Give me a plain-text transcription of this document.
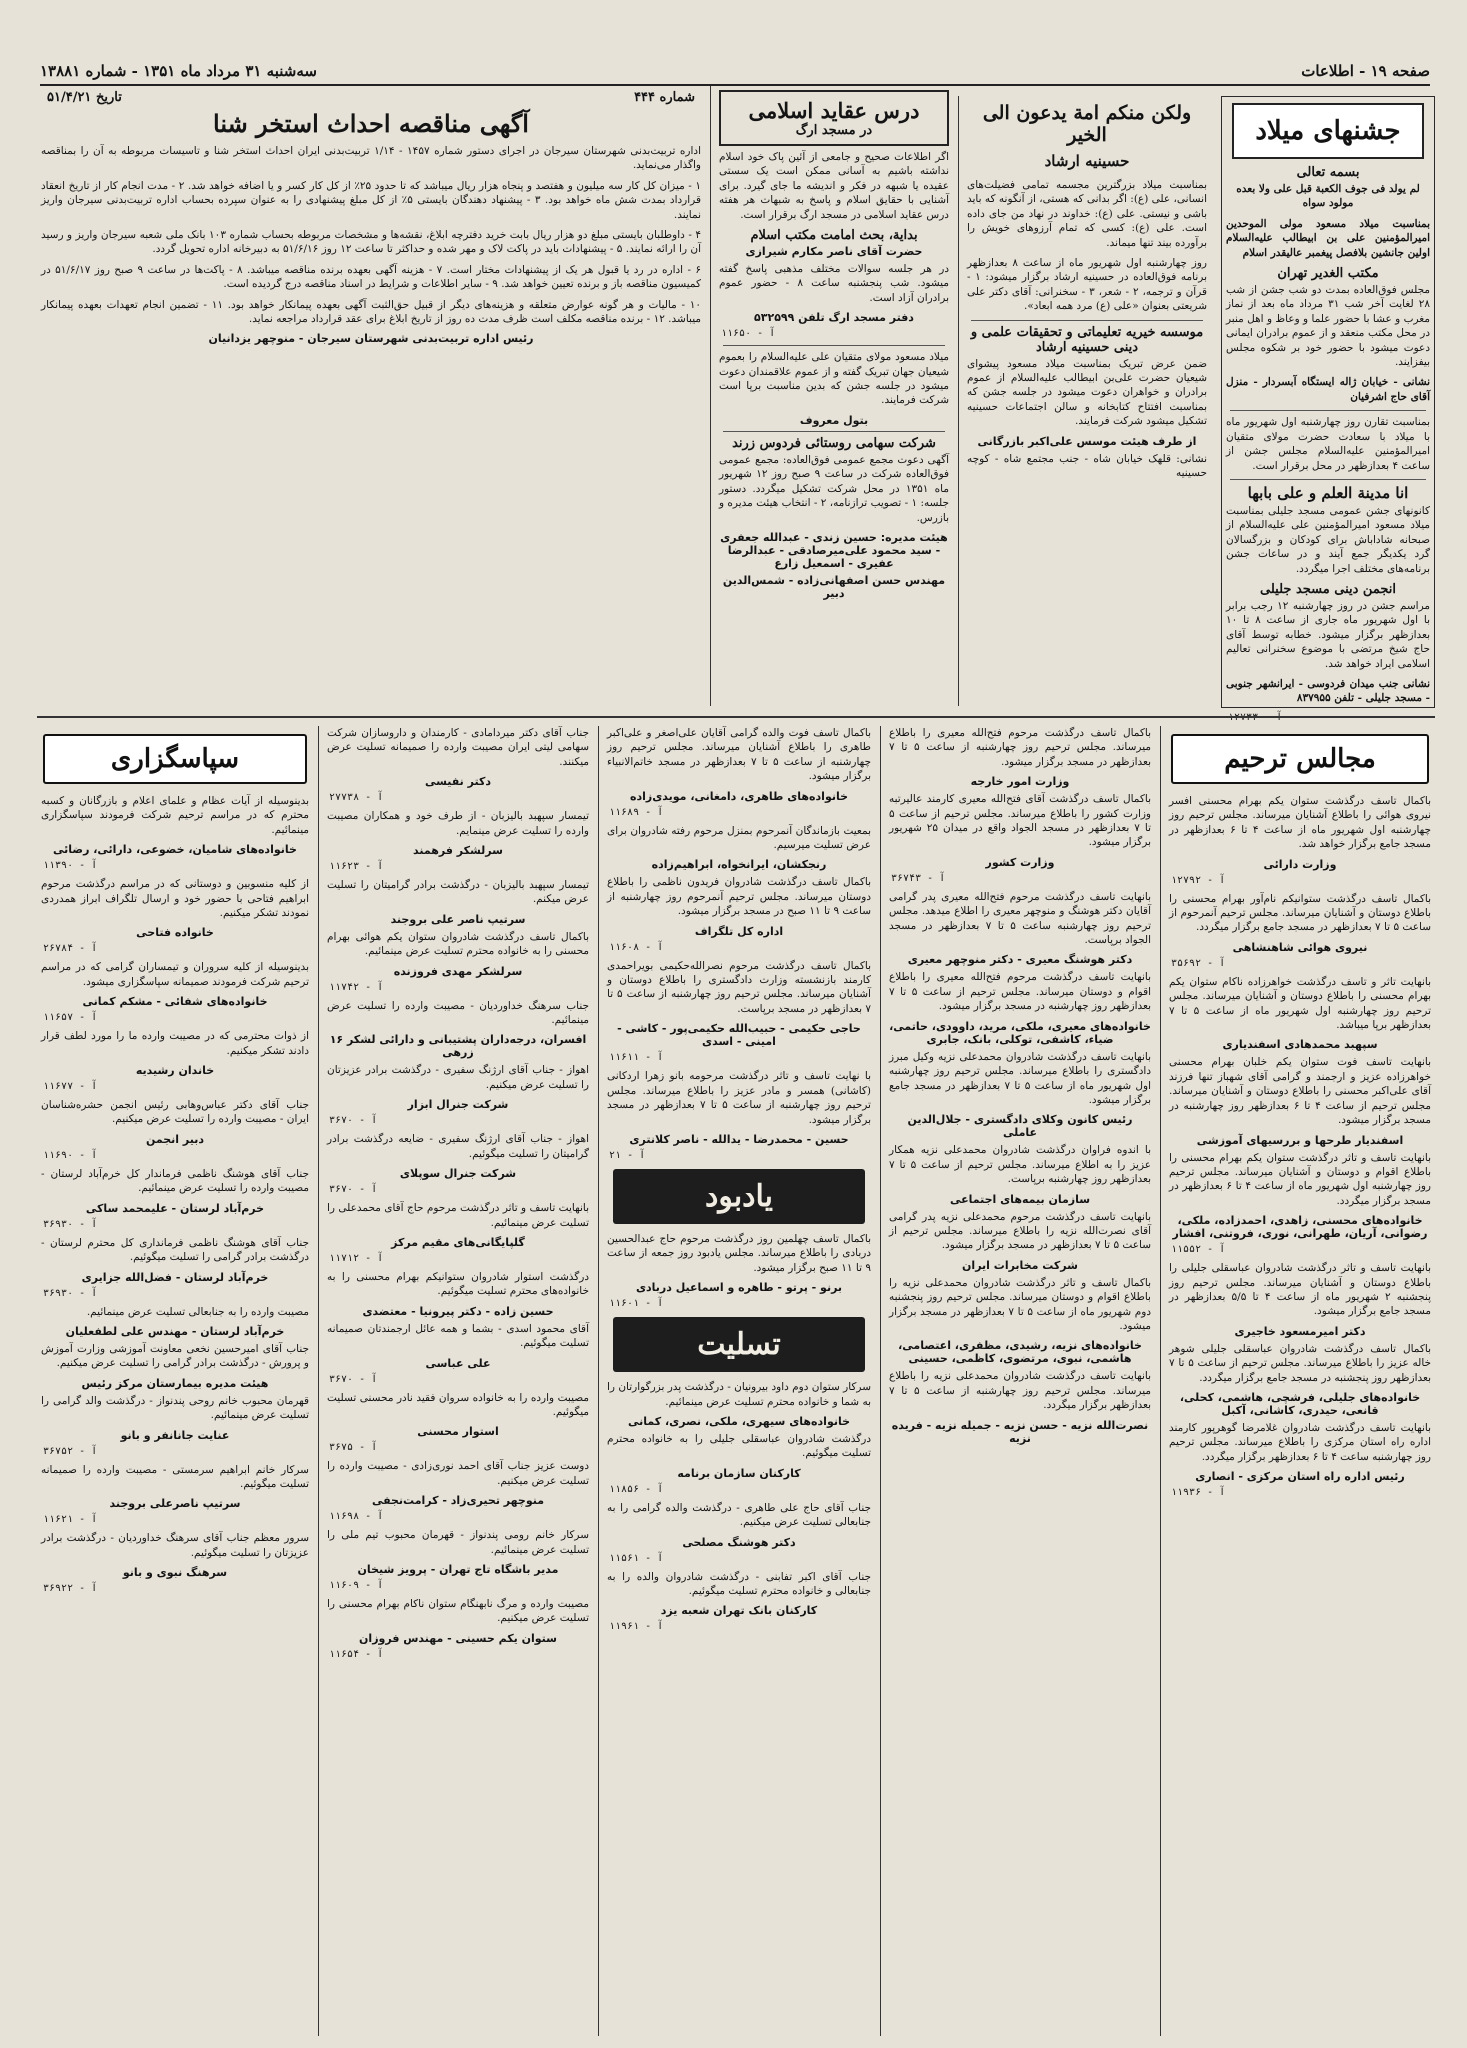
صفحه ۱۹ - اطلاعات
سه‌شنبه ۳۱ مرداد ماه ۱۳۵۱ - شماره ۱۳۸۸۱
جشنهای میلاد
بسمه تعالی

لم یولد فی جوف الکعبة قبل علی ولا بعده مولود سواه

بمناسبت میلاد مسعود مولی الموحدین امیرالمؤمنین علی بن ابیطالب علیه‌السلام اولین جانشین بلافصل پیغمبر عالیقدر اسلام

مکتب الغدیر تهران

مجلس فوق‌العاده بمدت دو شب جشن از شب ۲۸ لغایت آخر شب ۳۱ مرداد ماه بعد از نماز مغرب و عشا با حضور علما و وعاظ و اهل منبر در محل مکتب منعقد و از عموم برادران ایمانی دعوت میشود با حضور خود بر شکوه مجلس بیفزایند.

نشانی - خیابان ژاله ایستگاه آبسردار - منزل آقای حاج اشرفیان

بمناسبت تقارن روز چهارشنبه اول شهریور ماه با میلاد با سعادت حضرت مولای متقیان امیرالمؤمنین علیه‌السلام مجلس جشن از ساعت ۴ بعدازظهر در محل برقرار است.

انا مدینة العلم و علی بابها

کانونهای جشن عمومی مسجد جلیلی بمناسبت میلاد مسعود امیرالمؤمنین علی علیه‌السلام از صبحانه شاداباش برای کودکان و بزرگسالان گرد یکدیگر جمع آیند و در ساعات جشن برنامه‌های مختلف اجرا میگردد.

انجمن دینی مسجد جلیلی

مراسم جشن در روز چهارشنبه ۱۲ رجب برابر با اول شهریور ماه جاری از ساعت ۸ تا ۱۰ بعدازظهر برگزار میشود. خطابه توسط آقای حاج شیخ مرتضی با موضوع سخنرانی تعالیم اسلامی ایراد خواهد شد.

نشانی جنب میدان فردوسی - ایرانشهر جنوبی - مسجد جلیلی - تلفن ۸۳۷۹۵۵

ولکن منکم امة یدعون الی الخیر
حسینیه ارشاد

بمناسبت میلاد بزرگترین مجسمه تمامی فضیلت‌های انسانی، علی (ع): اگر بدانی که هستی، از آنگونه که باید باشی و نیستی. علی (ع): خداوند در نهاد من جای داده است. علی (ع): کسی که تمام آرزوهای خویش را برآورده بیند تنها میماند.

روز چهارشنبه اول شهریور ماه از ساعت ۸ بعدازظهر برنامه فوق‌العاده در حسینیه ارشاد برگزار میشود: ۱ - قرآن و ترجمه، ۲ - شعر، ۳ - سخنرانی: آقای دکتر علی شریعتی بعنوان «علی (ع) مرد همه ابعاد».

موسسه خیریه تعلیماتی و تحقیقات علمی و دینی حسینیه ارشاد

ضمن عرض تبریک بمناسبت میلاد مسعود پیشوای شیعیان حضرت علی‌بن ابیطالب علیه‌السلام از عموم برادران و خواهران دعوت میشود در جلسه جشن که بمناسبت افتتاح کتابخانه و سالن اجتماعات حسینیه تشکیل میشود شرکت فرمایند.

از طرف هیئت موسس علی‌اکبر بازرگانی

نشانی: قلهک خیابان شاه - جنب مجتمع شاه - کوچه حسینیه

درس عقاید اسلامی
در مسجد ارگ

اگر اطلاعات صحیح و جامعی از آئین پاک خود اسلام نداشته باشیم به آسانی ممکن است یک سستی عقیده یا شبهه در فکر و اندیشه ما جای گیرد. برای آشنایی با حقایق اسلام و پاسخ به شبهات هر هفته درس عقاید اسلامی در مسجد ارگ برقرار است.

بدایة، بحث امامت مکتب اسلام
حضرت آقای ناصر مکارم شیرازی

در هر جلسه سوالات مختلف مذهبی پاسخ گفته میشود. شب پنجشنبه ساعت ۸ - حضور عموم برادران آزاد است.

دفتر مسجد ارگ تلفن ۵۳۲۵۹۹
آ - ۱۱۶۵۰

میلاد مسعود مولای متقیان علی علیه‌السلام را بعموم شیعیان جهان تبریک گفته و از عموم علاقمندان دعوت میشود در جلسه جشن که بدین مناسبت برپا است شرکت فرمایند.

بتول معروف
شرکت سهامی روستائی فردوس زرند

آگهی دعوت مجمع عمومی فوق‌العاده: مجمع عمومی فوق‌العاده شرکت در ساعت ۹ صبح روز ۱۲ شهریور ماه ۱۳۵۱ در محل شرکت تشکیل میگردد. دستور جلسه: ۱ - تصویب ترازنامه، ۲ - انتخاب هیئت مدیره و بازرس.

هیئت مدیره: حسین زندی - عبدالله جعفری - سید محمود علی‌میرصادقی - عبدالرضا عفیری - اسمعیل زارع
مهندس حسن اصفهانی‌زاده - شمس‌الدین دبیر
شماره ۴۴۴
تاریخ ۵۱/۴/۲۱
آگهی مناقصه احداث استخر شنا

اداره تربیت‌بدنی شهرستان سیرجان در اجرای دستور شماره ۱۴۵۷ - ۱/۱۴ تربیت‌بدنی ایران احداث استخر شنا و تاسیسات مربوطه به آن را بمناقصه واگذار می‌نماید.

۱ - میزان کل کار سه میلیون و هفتصد و پنجاه هزار ریال میباشد که تا حدود ۲۵٪ از کل کار کسر و یا اضافه خواهد شد. ۲ - مدت انجام کار از تاریخ انعقاد قرارداد بمدت شش ماه خواهد بود. ۳ - پیشنهاد دهندگان بایستی ۵٪ از کل مبلغ پیشنهادی را به عنوان سپرده بحساب اداره تربیت‌بدنی سیرجان واریز نمایند.

۴ - داوطلبان بایستی مبلغ دو هزار ریال بابت خرید دفترچه ابلاغ، نقشه‌ها و مشخصات مربوطه بحساب شماره ۱۰۳ بانک ملی شعبه سیرجان واریز و رسید آن را ارائه نمایند. ۵ - پیشنهادات باید در پاکت لاک و مهر شده و حداکثر تا ساعت ۱۲ روز ۵۱/۶/۱۶ به دبیرخانه اداره تحویل گردد.

۶ - اداره در رد یا قبول هر یک از پیشنهادات مختار است. ۷ - هزینه آگهی بعهده برنده مناقصه میباشد. ۸ - پاکت‌ها در ساعت ۹ صبح روز ۵۱/۶/۱۷ در کمیسیون مناقصه باز و برنده تعیین خواهد شد. ۹ - سایر اطلاعات و شرایط در اسناد مناقصه درج گردیده است.

۱۰ - مالیات و هر گونه عوارض متعلقه و هزینه‌های دیگر از قبیل حق‌الثبت آگهی بعهده پیمانکار خواهد بود. ۱۱ - تضمین انجام تعهدات بعهده پیمانکار میباشد. ۱۲ - برنده مناقصه مکلف است ظرف مدت ده روز از تاریخ ابلاغ برای عقد قرارداد مراجعه نماید.

رئیس اداره تربیت‌بدنی شهرستان سیرجان - منوچهر یزدانیان
مجالس ترحیم

باکمال تاسف درگذشت ستوان یکم بهرام محسنی افسر نیروی هوائی را باطلاع آشنایان میرساند. مجلس ترحیم روز چهارشنبه اول شهریور ماه از ساعت ۴ تا ۶ بعدازظهر در مسجد جامع برگزار خواهد شد.

وزارت دارائی
آ - ۱۲۷۹۲

باکمال تاسف درگذشت ستوانیکم نام‌آور بهرام محسنی را باطلاع دوستان و آشنایان میرساند. مجلس ترحیم آنمرحوم از ساعت ۵ تا ۷ بعدازظهر در مسجد جامع برگزار میگردد.

نیروی هوائی شاهنشاهی
آ - ۳۵۶۹۲

بانهایت تاثر و تاسف درگذشت خواهرزاده ناکام ستوان یکم بهرام محسنی را باطلاع دوستان و آشنایان میرساند. مجلس ترحیم روز چهارشنبه اول شهریور ماه از ساعت ۵ تا ۷ بعدازظهر برپا میباشد.

سپهبد محمدهادی اسفندیاری

بانهایت تاسف فوت ستوان یکم خلبان بهرام محسنی خواهرزاده عزیز و ارجمند و گرامی آقای شهباز تنها فرزند آقای علی‌اکبر محسنی را باطلاع دوستان و آشنایان میرساند. مجلس ترحیم از ساعت ۴ تا ۶ بعدازظهر روز چهارشنبه در مسجد برگزار میشود.

اسفندیار طرحها و بررسیهای آموزشی

بانهایت تاسف و تاثر درگذشت ستوان یکم بهرام محسنی را باطلاع اقوام و دوستان و آشنایان میرساند. مجلس ترحیم روز چهارشنبه اول شهریور ماه از ساعت ۴ تا ۶ بعدازظهر در مسجد برگزار میگردد.

خانواده‌های محسنی، زاهدی، احمدزاده، ملکی، رضوانی، آریان، طهرانی، نوری، فروتنی، افشار
آ - ۱۱۵۵۲

بانهایت تاسف و تاثر درگذشت شادروان عباسقلی جلیلی را باطلاع دوستان و آشنایان میرساند. مجلس ترحیم روز پنجشنبه ۲ شهریور ماه از ساعت ۴ تا ۵/۵ بعدازظهر در مسجد جامع برگزار میشود.

دکتر امیرمسعود خاجیری

باکمال تاسف درگذشت شادروان عباسقلی جلیلی شوهر خاله عزیز را باطلاع میرساند. مجلس ترحیم از ساعت ۵ تا ۷ بعدازظهر روز پنجشنبه در مسجد جامع برگزار میگردد.

خانواده‌های جلیلی، فرشچی، هاشمی، کحلی، قانعی، حیدری، کاشانی، آکبل

بانهایت تاسف درگذشت شادروان غلامرضا گوهرپور کارمند اداره راه استان مرکزی را باطلاع میرساند. مجلس ترحیم روز چهارشنبه ساعت ۴ تا ۶ بعدازظهر برگزار میگردد.

رئیس اداره راه استان مرکزی - انصاری
آ - ۱۱۹۳۶

باکمال تاسف درگذشت مرحوم فتح‌الله معیری را باطلاع میرساند. مجلس ترحیم روز چهارشنبه از ساعت ۵ تا ۷ بعدازظهر در مسجد برگزار میشود.

وزارت امور خارجه

باکمال تاسف درگذشت آقای فتح‌الله معیری کارمند عالیرتبه وزارت کشور را باطلاع میرساند. مجلس ترحیم از ساعت ۵ تا ۷ بعدازظهر در مسجد الجواد واقع در میدان ۲۵ شهریور برگزار میشود.

وزارت کشور
آ - ۳۶۷۴۳

بانهایت تاسف درگذشت مرحوم فتح‌الله معیری پدر گرامی آقایان دکتر هوشنگ و منوچهر معیری را اطلاع میدهد. مجلس ترحیم روز چهارشنبه ساعت ۵ تا ۷ بعدازظهر در مسجد الجواد برپاست.

دکتر هوشنگ معیری - دکتر منوچهر معیری

بانهایت تاسف درگذشت مرحوم فتح‌الله معیری را باطلاع اقوام و دوستان میرساند. مجلس ترحیم از ساعت ۵ تا ۷ بعدازظهر روز چهارشنبه در مسجد برگزار میشود.

خانواده‌های معیری، ملکی، مرید، داوودی، حاتمی، ضیاء، کاشفی، توکلی، بانک، جابری

بانهایت تاسف درگذشت شادروان محمدعلی نزیه وکیل مبرز دادگستری را باطلاع میرساند. مجلس ترحیم روز چهارشنبه اول شهریور ماه از ساعت ۵ تا ۷ بعدازظهر در مسجد جامع برگزار میشود.

رئیس کانون وکلای دادگستری - جلال‌الدین عاملی

با اندوه فراوان درگذشت شادروان محمدعلی نزیه همکار عزیز را به اطلاع میرساند. مجلس ترحیم از ساعت ۵ تا ۷ بعدازظهر روز چهارشنبه برپاست.

سازمان بیمه‌های اجتماعی

بانهایت تاسف درگذشت مرحوم محمدعلی نزیه پدر گرامی آقای نصرت‌الله نزیه را باطلاع میرساند. مجلس ترحیم از ساعت ۵ تا ۷ بعدازظهر در مسجد برگزار میشود.

شرکت مخابرات ایران

باکمال تاسف و تاثر درگذشت شادروان محمدعلی نزیه را باطلاع اقوام و دوستان میرساند. مجلس ترحیم روز پنجشنبه دوم شهریور ماه از ساعت ۵ تا ۷ بعدازظهر در مسجد برگزار میشود.

خانواده‌های نزیه، رشیدی، مظفری، اعتصامی، هاشمی، نبوی، مرتضوی، کاظمی، حسینی

بانهایت تاسف درگذشت شادروان محمدعلی نزیه را باطلاع میرساند. مجلس ترحیم روز چهارشنبه از ساعت ۵ تا ۷ بعدازظهر برگزار میگردد.

نصرت‌الله نزیه - حسن نزیه - جمیله نزیه - فریده نزیه

باکمال تاسف فوت والده گرامی آقایان علی‌اصغر و علی‌اکبر طاهری را باطلاع آشنایان میرساند. مجلس ترحیم روز چهارشنبه از ساعت ۵ تا ۷ بعدازظهر در مسجد خاتم‌الانبیاء برگزار میشود.

خانواده‌های طاهری، دامغانی، مویدی‌زاده
آ - ۱۱۶۸۹

بمعیت بازماندگان آنمرحوم بمنزل مرحوم رفته شادروان برای عرض تسلیت میرسیم.

رنجکشان، ایرانخواه، ابراهیم‌زاده

باکمال تاسف درگذشت شادروان فریدون ناظمی را باطلاع دوستان میرساند. مجلس ترحیم آنمرحوم روز چهارشنبه از ساعت ۹ تا ۱۱ صبح در مسجد برگزار میشود.

اداره کل تلگراف
آ - ۱۱۶۰۸

باکمال تاسف درگذشت مرحوم نصرالله‌حکیمی بویراحمدی کارمند بازنشسته وزارت دادگستری را باطلاع دوستان و آشنایان میرساند. مجلس ترحیم روز چهارشنبه از ساعت ۵ تا ۷ بعدازظهر در مسجد برپاست.

حاجی حکیمی - حبیب‌الله حکیمی‌پور - کاشی - امینی - اسدی
آ - ۱۱۶۱۱

با نهایت تاسف و تاثر درگذشت مرحومه بانو زهرا اردکانی (کاشانی) همسر و مادر عزیز را باطلاع میرساند. مجلس ترحیم روز چهارشنبه از ساعت ۵ تا ۷ بعدازظهر در مسجد برگزار میشود.

حسین - محمدرضا - یدالله - ناصر کلانتری
آ - ۲۱
یادبود

باکمال تاسف چهلمین روز درگذشت مرحوم حاج عبدالحسین دربادی را باطلاع میرساند. مجلس یادبود روز جمعه از ساعت ۹ تا ۱۱ صبح برگزار میشود.

برنو - پرتو - طاهره و اسماعیل دربادی
آ - ۱۱۶۰۱
تسلیت

سرکار ستوان دوم داود بیرونیان - درگذشت پدر بزرگوارتان را به شما و خانواده محترم تسلیت عرض مینمائیم.

خانواده‌های سیهری، ملکی، نصری، کمانی

درگذشت شادروان عباسقلی جلیلی را به خانواده محترم تسلیت میگوئیم.

کارکنان سازمان برنامه
آ - ۱۱۸۵۶

جناب آقای حاج علی طاهری - درگذشت والده گرامی را به جنابعالی تسلیت عرض میکنیم.

دکتر هوشنگ مصلحی
آ - ۱۱۵۶۱

جناب آقای اکبر تفابنی - درگذشت شادروان والده را به جنابعالی و خانواده محترم تسلیت میگوئیم.

کارکنان بانک تهران شعبه یزد
آ - ۱۱۹۶۱

جناب آقای دکتر میردامادی - کارمندان و داروسازان شرکت سهامی لیتی ایران مصیبت وارده را صمیمانه تسلیت عرض میکنند.

دکتر نفیسی
آ - ۲۷۷۳۸

تیمسار سپهبد بالیزبان - از طرف خود و همکاران مصیبت وارده را تسلیت عرض مینمایم.

سرلشکر فرهمند
آ - ۱۱۶۲۳

تیمسار سپهبد بالیزبان - درگذشت برادر گرامیتان را تسلیت عرض میکنم.

سرتیپ ناصر علی بروجند

باکمال تاسف درگذشت شادروان ستوان یکم هوائی بهرام محسنی را به خانواده محترم تسلیت عرض مینمائیم.

سرلشکر مهدی فروزنده
آ - ۱۱۷۴۲

جناب سرهنگ خداوردیان - مصیبت وارده را تسلیت عرض مینمائیم.

افسران، درجه‌داران پشتیبانی و دارائی لشکر ۱۶ زرهی

اهواز - جناب آقای ارژنگ سفیری - درگذشت برادر عزیزتان را تسلیت عرض میکنیم.

شرکت جنرال ابزار
آ - ۳۶۷۰

اهواز - جناب آقای ارژنگ سفیری - ضایعه درگذشت برادر گرامیتان را تسلیت میگوئیم.

شرکت جنرال سوپلای
آ - ۳۶۷۰

بانهایت تاسف و تاثر درگذشت مرحوم حاج آقای محمدعلی را تسلیت عرض مینمائیم.

گلپایگانی‌های مقیم مرکز
آ - ۱۱۷۱۲

درگذشت استوار شادروان ستوانیکم بهرام محسنی را به خانواده‌های محترم تسلیت میگوئیم.

حسین زاده - دکتر پیرونیا - معتضدی

آقای محمود اسدی - بشما و همه عائل ارجمندتان صمیمانه تسلیت میگوئیم.

علی عباسی
آ - ۳۶۷۰

مصیبت وارده را به خانواده سروان فقید نادر محسنی تسلیت میگوئیم.

استوار محسنی
آ - ۳۶۷۵

دوست عزیز جناب آقای احمد نوری‌زادی - مصیبت وارده را تسلیت عرض میکنیم.

منوچهر تحیری‌زاد - کرامت‌نجفی
آ - ۱۱۶۹۸

سرکار خانم رومی پندنواز - قهرمان محبوب تیم ملی را تسلیت عرض مینمائیم.

مدیر باشگاه تاج تهران - پرویز شیخان
آ - ۱۱۶۰۹

مصیبت وارده و مرگ نابهنگام ستوان ناکام بهرام محسنی را تسلیت عرض میکنیم.

ستوان یکم حسینی - مهندس فروزان
آ - ۱۱۶۵۴
سپاسگزاری

بدینوسیله از آیات عظام و علمای اعلام و بازرگانان و کسبه محترم که در مراسم ترحیم شرکت فرمودند سپاسگزاری مینمائیم.

خانواده‌های شامیان، خضوعی، دارائی، رضائی
آ - ۱۱۳۹۰

از کلیه منسوبین و دوستانی که در مراسم درگذشت مرحوم ابراهیم فتاحی با حضور خود و ارسال تلگراف ابراز همدردی نمودند تشکر میکنیم.

خانواده فتاحی
آ - ۲۶۷۸۴

بدینوسیله از کلیه سروران و تیمساران گرامی که در مراسم ترحیم شرکت فرمودند صمیمانه سپاسگزاری میشود.

خانواده‌های شفائی - مشکم کمانی
آ - ۱۱۶۵۷

از ذوات محترمی که در مصیبت وارده ما را مورد لطف قرار دادند تشکر میکنیم.

خاندان رشیدیه
آ - ۱۱۶۷۷

جناب آقای دکتر عباس‌وهابی رئیس انجمن حشره‌شناسان ایران - مصیبت وارده را تسلیت عرض میکنیم.

دبیر انجمن
آ - ۱۱۶۹۰

جناب آقای هوشنگ ناظمی فرماندار کل خرم‌آباد لرستان - مصیبت وارده را تسلیت عرض مینمائیم.

خرم‌آباد لرستان - علیمحمد ساکی
آ - ۳۶۹۳۰

جناب آقای هوشنگ ناظمی فرمانداری کل محترم لرستان - درگذشت برادر گرامی را تسلیت میگوئیم.

خرم‌آباد لرستان - فضل‌الله جزایری
آ - ۳۶۹۳۰

مصیبت وارده را به جنابعالی تسلیت عرض مینمائیم.

خرم‌آباد لرستان - مهندس علی لطفعلیان

جناب آقای امیرحسین نخعی معاونت آموزشی وزارت آموزش و پرورش - درگذشت برادر گرامی را تسلیت عرض میکنیم.

هیئت مدیره بیمارستان مرکز رئیس

قهرمان محبوب خانم روحی پندنواز - درگذشت والد گرامی را تسلیت عرض مینمائیم.

عنایت جانانفر و بانو
آ - ۳۶۷۵۲

سرکار خانم ابراهیم سرمستی - مصیبت وارده را صمیمانه تسلیت میگوئیم.

سرتیپ ناصرعلی بروجند
آ - ۱۱۶۲۱

سرور معظم جناب آقای سرهنگ خداوردیان - درگذشت برادر عزیزتان را تسلیت میگوئیم.

سرهنگ نبوی و بانو
آ - ۳۶۹۲۲
